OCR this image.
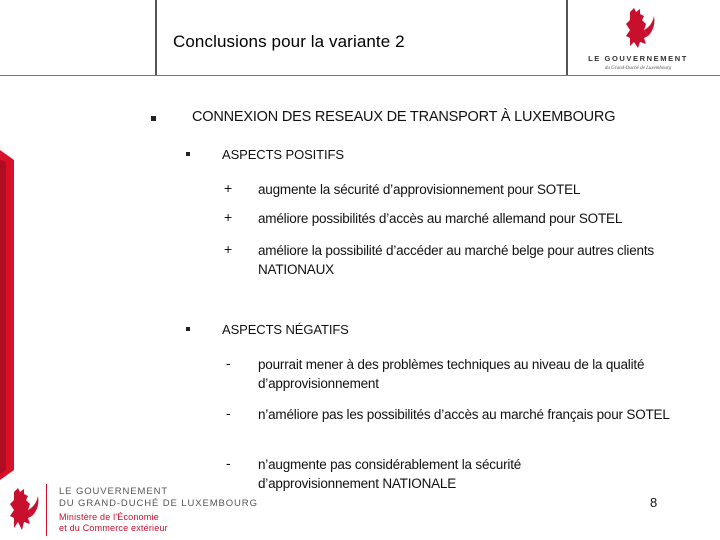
Conclusions pour la variante 2
LE GOUVERNEMENT
du Grand-Duché de Luxembourg
CONNEXION DES RESEAUX DE TRANSPORT À LUXEMBOURG
ASPECTS POSITIFS
+ augmente la sécurité d’approvisionnement pour SOTEL
+ améliore possibilités d’accès au marché allemand pour SOTEL
+ améliore la possibilité d’accéder au marché belge pour autres clients NATIONAUX
ASPECTS NÉGATIFS
- pourrait mener à des problèmes techniques au niveau de la qualité d’approvisionnement
- n’améliore pas les possibilités d’accès au marché français pour SOTEL
- n’augmente pas considérablement la sécurité d’approvisionnement NATIONALE
LE GOUVERNEMENT
DU GRAND-DUCHÉ DE LUXEMBOURG
Ministère de l'Économie
et du Commerce extérieur
8
